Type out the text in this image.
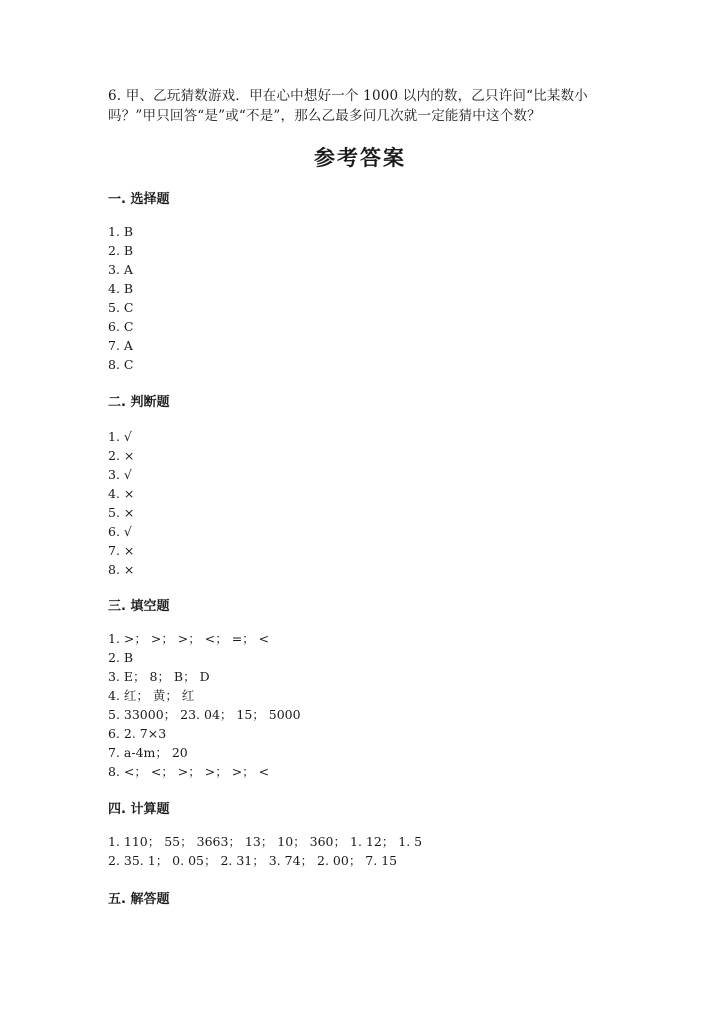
6. 甲、乙玩猜数游戏．甲在心中想好一个 1000 以内的数，乙只许问“比某数小

吗？”甲只回答“是”或“不是”，那么乙最多问几次就一定能猜中这个数？

参考答案
一. 选择题
1. B
2. B
3. A
4. B
5. C
6. C
7. A
8. C
二. 判断题
1. √
2. ×
3. √
4. ×
5. ×
6. √
7. ×
8. ×
三. 填空题
1. >； >； >； <； =； <
2. B
3. E； 8； B； D
4. 红； 黄； 红
5. 33000； 23. 04； 15； 5000
6. 2. 7×3
7. a-4m； 20
8. <； <； >； >； >； <
四. 计算题
1. 110； 55； 3663； 13； 10； 360； 1. 12； 1. 5
2. 35. 1； 0. 05； 2. 31； 3. 74； 2. 00； 7. 15
五. 解答题
